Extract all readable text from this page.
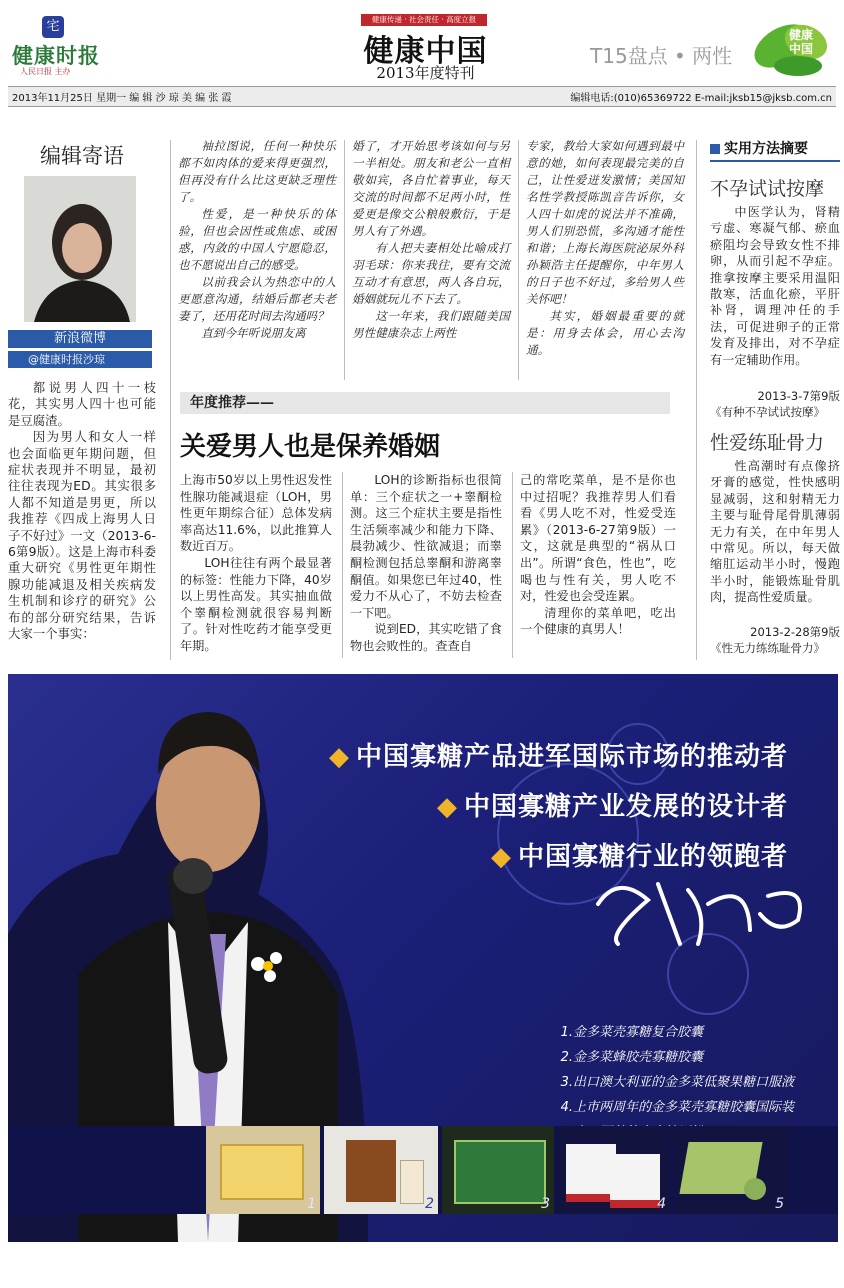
宅
健康时报
人民日报 主办
健康传递 · 社会责任 · 高度立报
健康中国
2013年度特刊
T15盘点 • 两性
健康中国
2013年11月25日 星期一 编 辑 沙 琼 美 编 张 霞	编辑电话:(010)65369722 E-mail:jksb15@jksb.com.cn
编辑寄语
新浪微博
@健康时报沙琼

都说男人四十一枝花，其实男人四十也可能是豆腐渣。

因为男人和女人一样也会面临更年期问题，但症状表现并不明显，最初往往表现为ED。其实很多人都不知道是男更，所以我推荐《四成上海男人日子不好过》一文（2013-6-6第9版）。这是上海市科委重大研究《男性更年期性腺功能减退及相关疾病发生机制和诊疗的研究》公布的部分研究结果，告诉大家一个事实：

袖拉图说，任何一种快乐都不如肉体的爱来得更强烈，但再没有什么比这更缺乏理性了。

性爱，是一种快乐的体验，但也会因性或焦虑、或困惑，内敛的中国人宁愿隐忍，也不愿说出自己的感受。

以前我会认为热恋中的人更愿意沟通，结婚后都老夫老妻了，还用花时间去沟通吗？

直到今年听说朋友离

婚了，才开始思考该如何与另一半相处。朋友和老公一直相敬如宾，各自忙着事业，每天交流的时间都不足两小时，性爱更是像交公粮般敷衍，于是男人有了外遇。

有人把夫妻相处比喻成打羽毛球：你来我往，要有交流互动才有意思，两人各自玩，婚姻就玩儿不下去了。

这一年来，我们跟随美国男性健康杂志上两性

专家，教给大家如何遇到最中意的她，如何表现最完美的自己，让性爱迸发激情；美国知名性学教授陈凯音告诉你，女人四十如虎的说法并不准确，男人们别恐慌，多沟通才能性和谐；上海长海医院泌尿外科孙颖浩主任提醒你，中年男人的日子也不好过，多给男人些关怀吧！

其实，婚姻最重要的就是：用身去体会，用心去沟通。

实用方法摘要
不孕试试按摩

中医学认为，肾精亏虚、寒凝气郁、瘀血瘀阻均会导致女性不排卵，从而引起不孕症。推拿按摩主要采用温阳散寒，活血化瘀，平肝补肾，调理冲任的手法，可促进卵子的正常发育及排出，对不孕症有一定辅助作用。

2013-3-7第9版
《有种不孕试试按摩》
性爱练耻骨力

性高潮时有点像挤牙膏的感觉，性快感明显减弱，这和射精无力主要与耻骨尾骨肌薄弱无力有关，在中年男人中常见。所以，每天做缩肛运动半小时，慢跑半小时，能锻炼耻骨肌肉，提高性爱质量。

2013-2-28第9版
《性无力练练耻骨力》
年度推荐——
关爱男人也是保养婚姻

上海市50岁以上男性迟发性性腺功能减退症（LOH，男性更年期综合征）总体发病率高达11.6%，以此推算人数近百万。

LOH往往有两个最显著的标签：性能力下降，40岁以上男性高发。其实抽血做个睾酮检测就很容易判断了。针对性吃药才能享受更年期。

LOH的诊断指标也很简单：三个症状之一+睾酮检测。这三个症状主要是指性生活频率减少和能力下降、晨勃减少、性欲减退；而睾酮检测包括总睾酮和游离睾酮值。如果您已年过40，性爱力不从心了，不妨去检查一下吧。

说到ED，其实吃错了食物也会败性的。查查自

己的常吃菜单，是不是你也中过招呢？我推荐男人们看看《男人吃不对，性爱受连累》（2013-6-27第9版）一文，这就是典型的“祸从口出”。所谓“食色，性也”，吃喝也与性有关，男人吃不对，性爱也会受连累。

清理你的菜单吧，吃出一个健康的真男人！

◆ 中国寡糖产品进军国际市场的推动者
◆ 中国寡糖产业发展的设计者
◆ 中国寡糖行业的领跑者
1.金多菜壳寡糖复合胶囊
2.金多菜蜂胶壳寡糖胶囊
3.出口澳大利亚的金多菜低聚果糖口服液
4.上市两周年的金多菜壳寡糖胶囊国际装
1	2	3	4	5
